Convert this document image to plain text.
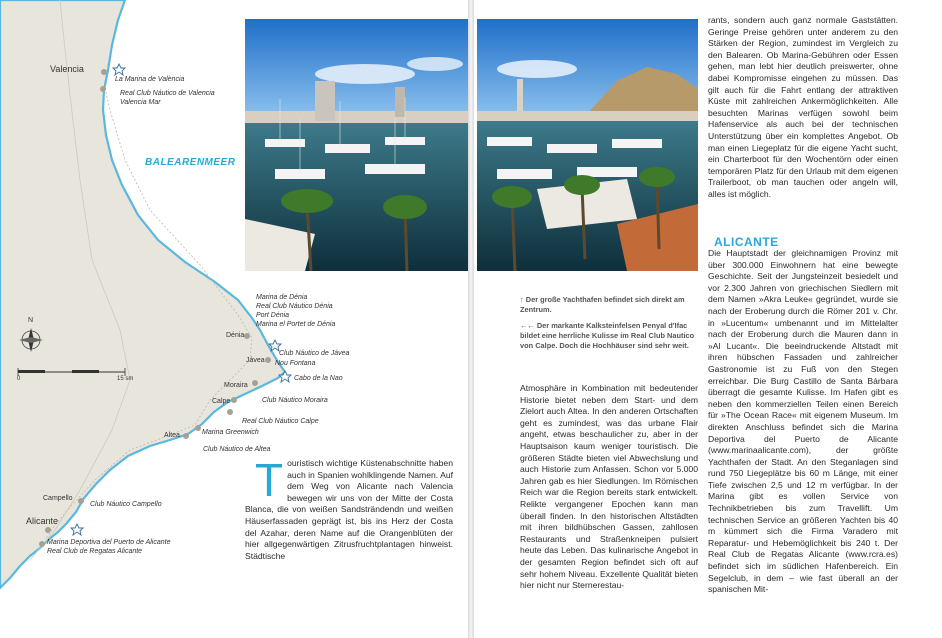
BALEARENMEER
Valencia
La Marina de València
Real Club Náutico de Valencia
Valencia Mar
N
0	15 sm
Marina de Dénia
Real Club Náutico Dénia
Port Dénia
Marina el Portet de Dénia
Dénia
Club Náutico de Jávea
Jávea Nou Fontana
Cabo de la Nao
Moraira
Club Náutico Moraira
Calpe
Real Club Náutico Calpe
Marina Greenwich
Altea
Club Náutico de Altea
Campello
Club Náutico Campello
Alicante
Marina Deportiva del Puerto de Alicante
Real Club de Regatas Alicante
T ouristisch wichtige Küstenabschnitte haben auch in Spanien wohlklingende Namen. Auf dem Weg von Alicante nach Valencia bewegen wir uns von der Mitte der Costa Blanca, die von weißen Sandsträndendn und weißen Häuserfassaden geprägt ist, bis ins Herz der Costa del Azahar, deren Name auf die Orangenblüten der hier allgegenwärtigen Zitrusfruchtplantagen hinweist. Städtische

↑ Der große Yachthafen befindet sich direkt am Zentrum.

←← Der markante Kalksteinfelsen Penyal d'Ifac bildet eine herrliche Kulisse im Real Club Nautico von Calpe. Doch die Hochhäuser sind sehr weit.

Atmosphäre in Kombination mit bedeutender Historie bietet neben dem Start- und dem Zielort auch Altea. In den anderen Ortschaften geht es zumindest, was das urbane Flair angeht, etwas beschaulicher zu, aber in der Hauptsaison kaum weniger touristisch. Die größeren Städte bieten viel Abwechslung und auch Historie zum Anfassen. Schon vor 5.000 Jahren gab es hier Siedlungen. Im Römischen Reich war die Region bereits stark entwickelt. Relikte vergangener Epochen kann man überall finden. In den historischen Altstädten mit ihren bildhübschen Gassen, zahllosen Restaurants und Straßenkneipen pulsiert heute das Leben. Das kulinarische Angebot in der gesamten Region befindet sich oft auf sehr hohem Niveau. Exzellente Qualität bieten hier nicht nur Sternerestau-
rants, sondern auch ganz normale Gaststätten. Geringe Preise gehören unter anderem zu den Stärken der Region, zumindest im Vergleich zu den Balearen. Ob Marina-Gebühren oder Essen gehen, man lebt hier deutlich preiswerter, ohne dabei Kompromisse eingehen zu müssen. Das gilt auch für die Fahrt entlang der attraktiven Küste mit zahlreichen Ankermöglichkeiten. Alle besuchten Marinas verfügen sowohl beim Hafenservice als auch bei der technischen Unterstützung über ein komplettes Angebot. Ob man einen Liegeplatz für die eigene Yacht sucht, ein Charterboot für den Wochentörn oder einen temporären Platz für den Urlaub mit dem eigenen Trailerboot, ob man tauchen oder angeln will, alles ist möglich.
ALICANTE
Die Hauptstadt der gleichnamigen Provinz mit über 300.000 Einwohnern hat eine bewegte Geschichte. Seit der Jungsteinzeit besiedelt und vor 2.300 Jahren von griechischen Siedlern mit dem Namen »Akra Leuke« gegründet, wurde sie nach der Eroberung durch die Römer 201 v. Chr. in »Lucentum« umbenannt und im Mittelalter nach der Eroberung durch die Mauren dann in »Al Lucant«. Die beeindruckende Altstadt mit ihren hübschen Fassaden und zahlreicher Gastronomie ist zu Fuß von den Stegen erreichbar. Die Burg Castillo de Santa Bárbara überragt die gesamte Kulisse. Im Hafen gibt es neben den kommerziellen Teilen einen Bereich für »The Ocean Race« mit eigenem Museum. Im direkten Anschluss befindet sich die Marina Deportiva del Puerto de Alicante (www.marinaalicante.com), der größte Yachthafen der Stadt. An den Steganlagen sind rund 750 Liegeplätze bis 60 m Länge, mit einer Tiefe zwischen 2,5 und 12 m verfügbar. In der Marina gibt es vollen Service von Technikbetrieben bis zum Travellift. Um technischen Service an größeren Yachten bis 40 m kümmert sich die Firma Varadero mit Reparatur- und Hebemöglichkeit bis 240 t. Der Real Club de Regatas Alicante (www.rcra.es) befindet sich im südlichen Hafenbereich. Ein Segelclub, in dem – wie fast überall an der spanischen Mit-
